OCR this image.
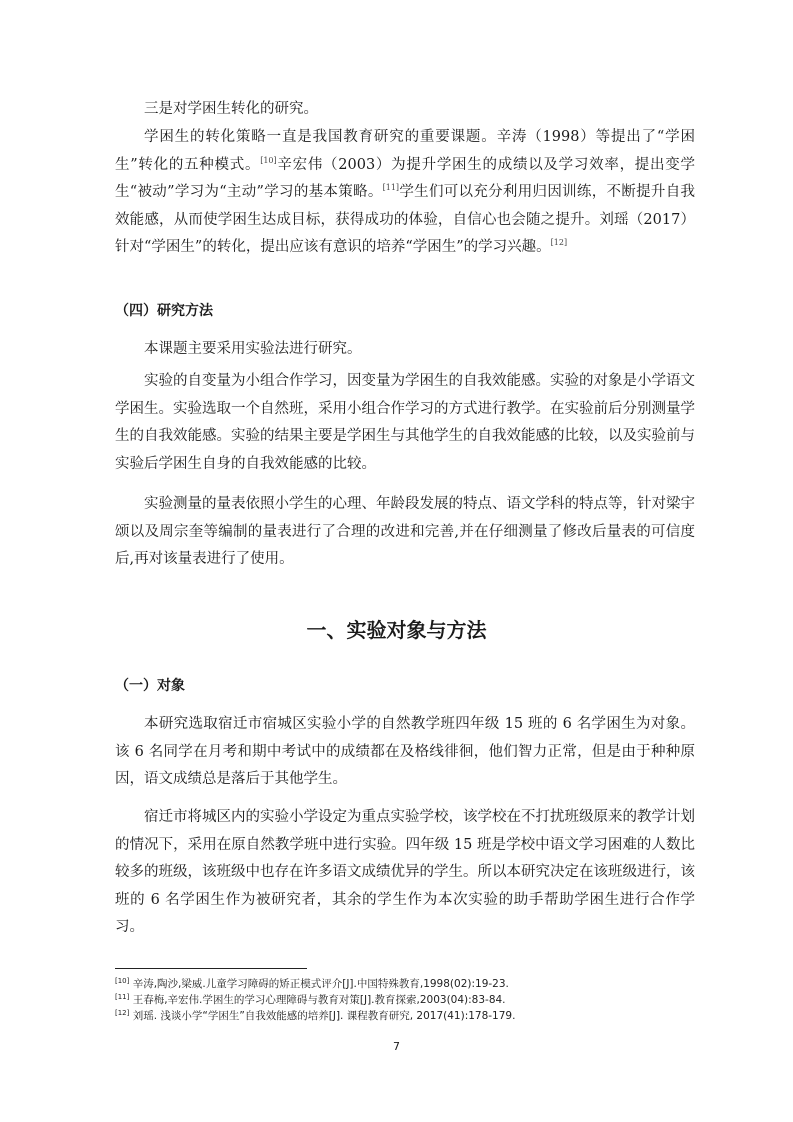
三是对学困生转化的研究。

学困生的转化策略一直是我国教育研究的重要课题。辛涛（1998）等提出了“学困生”转化的五种模式。[10]辛宏伟（2003）为提升学困生的成绩以及学习效率，提出变学生“被动”学习为“主动”学习的基本策略。[11]学生们可以充分利用归因训练，不断提升自我效能感，从而使学困生达成目标，获得成功的体验，自信心也会随之提升。刘瑶（2017）针对“学困生”的转化，提出应该有意识的培养“学困生”的学习兴趣。[12]

（四）研究方法

本课题主要采用实验法进行研究。

实验的自变量为小组合作学习，因变量为学困生的自我效能感。实验的对象是小学语文学困生。实验选取一个自然班，采用小组合作学习的方式进行教学。在实验前后分别测量学生的自我效能感。实验的结果主要是学困生与其他学生的自我效能感的比较，以及实验前与实验后学困生自身的自我效能感的比较。

实验测量的量表依照小学生的心理、年龄段发展的特点、语文学科的特点等，针对梁宇颂以及周宗奎等编制的量表进行了合理的改进和完善,并在仔细测量了修改后量表的可信度后,再对该量表进行了使用。

一、实验对象与方法

（一）对象

本研究选取宿迁市宿城区实验小学的自然教学班四年级 15 班的 6 名学困生为对象。该 6 名同学在月考和期中考试中的成绩都在及格线徘徊，他们智力正常，但是由于种种原因，语文成绩总是落后于其他学生。

宿迁市将城区内的实验小学设定为重点实验学校，该学校在不打扰班级原来的教学计划的情况下，采用在原自然教学班中进行实验。四年级 15 班是学校中语文学习困难的人数比较多的班级，该班级中也存在许多语文成绩优异的学生。所以本研究决定在该班级进行，该班的 6 名学困生作为被研究者，其余的学生作为本次实验的助手帮助学困生进行合作学习。

[10] 辛涛,陶沙,梁威.儿童学习障碍的矫正模式评介[J].中国特殊教育,1998(02):19-23.
[11] 王春梅,辛宏伟.学困生的学习心理障碍与教育对策[J].教育探索,2003(04):83-84.
[12] 刘瑶. 浅谈小学“学困生”自我效能感的培养[J]. 课程教育研究, 2017(41):178-179.
7
